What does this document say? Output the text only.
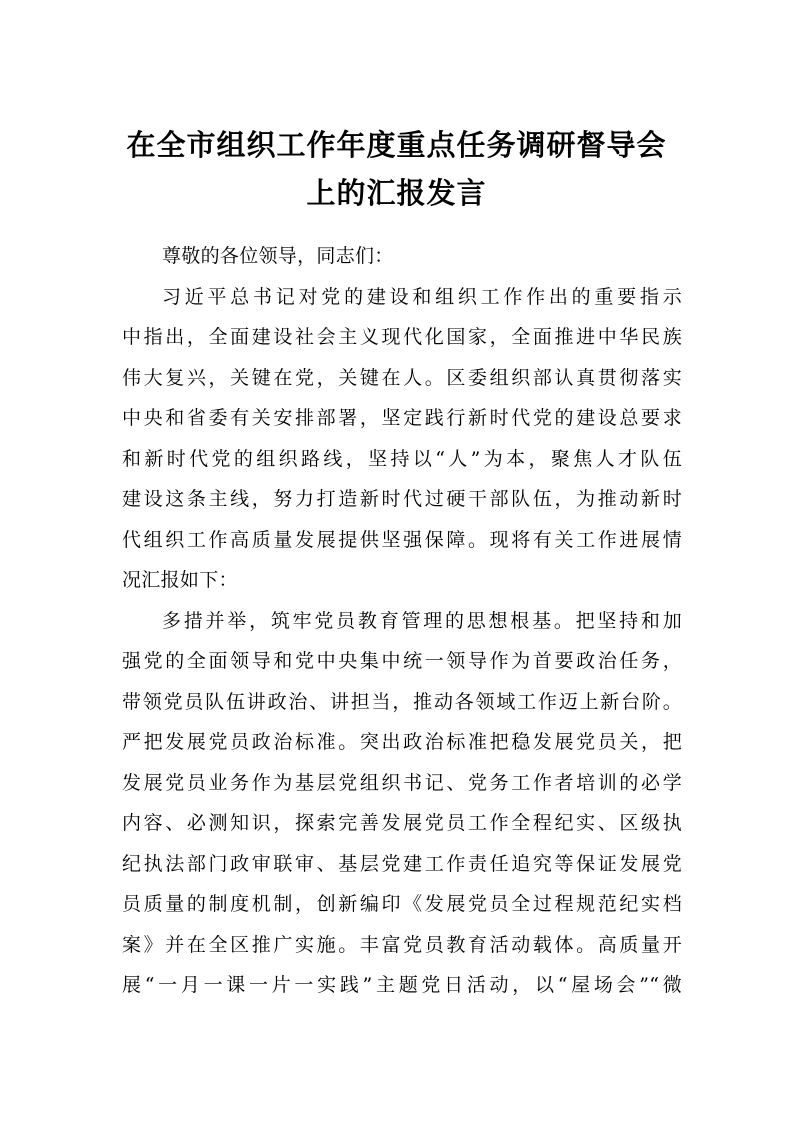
在全市组织工作年度重点任务调研督导会
上的汇报发言
尊敬的各位领导，同志们：
习近平总书记对党的建设和组织工作作出的重要指示
中指出，全面建设社会主义现代化国家，全面推进中华民族
伟大复兴，关键在党，关键在人。区委组织部认真贯彻落实
中央和省委有关安排部署，坚定践行新时代党的建设总要求
和新时代党的组织路线，坚持以“人”为本，聚焦人才队伍
建设这条主线，努力打造新时代过硬干部队伍，为推动新时
代组织工作高质量发展提供坚强保障。现将有关工作进展情
况汇报如下：
多措并举，筑牢党员教育管理的思想根基。把坚持和加
强党的全面领导和党中央集中统一领导作为首要政治任务，
带领党员队伍讲政治、讲担当，推动各领域工作迈上新台阶。
严把发展党员政治标准。突出政治标准把稳发展党员关，把
发展党员业务作为基层党组织书记、党务工作者培训的必学
内容、必测知识，探索完善发展党员工作全程纪实、区级执
纪执法部门政审联审、基层党建工作责任追究等保证发展党
员质量的制度机制，创新编印《发展党员全过程规范纪实档
案》并在全区推广实施。丰富党员教育活动载体。高质量开
展“一月一课一片一实践”主题党日活动，以“屋场会”“微
